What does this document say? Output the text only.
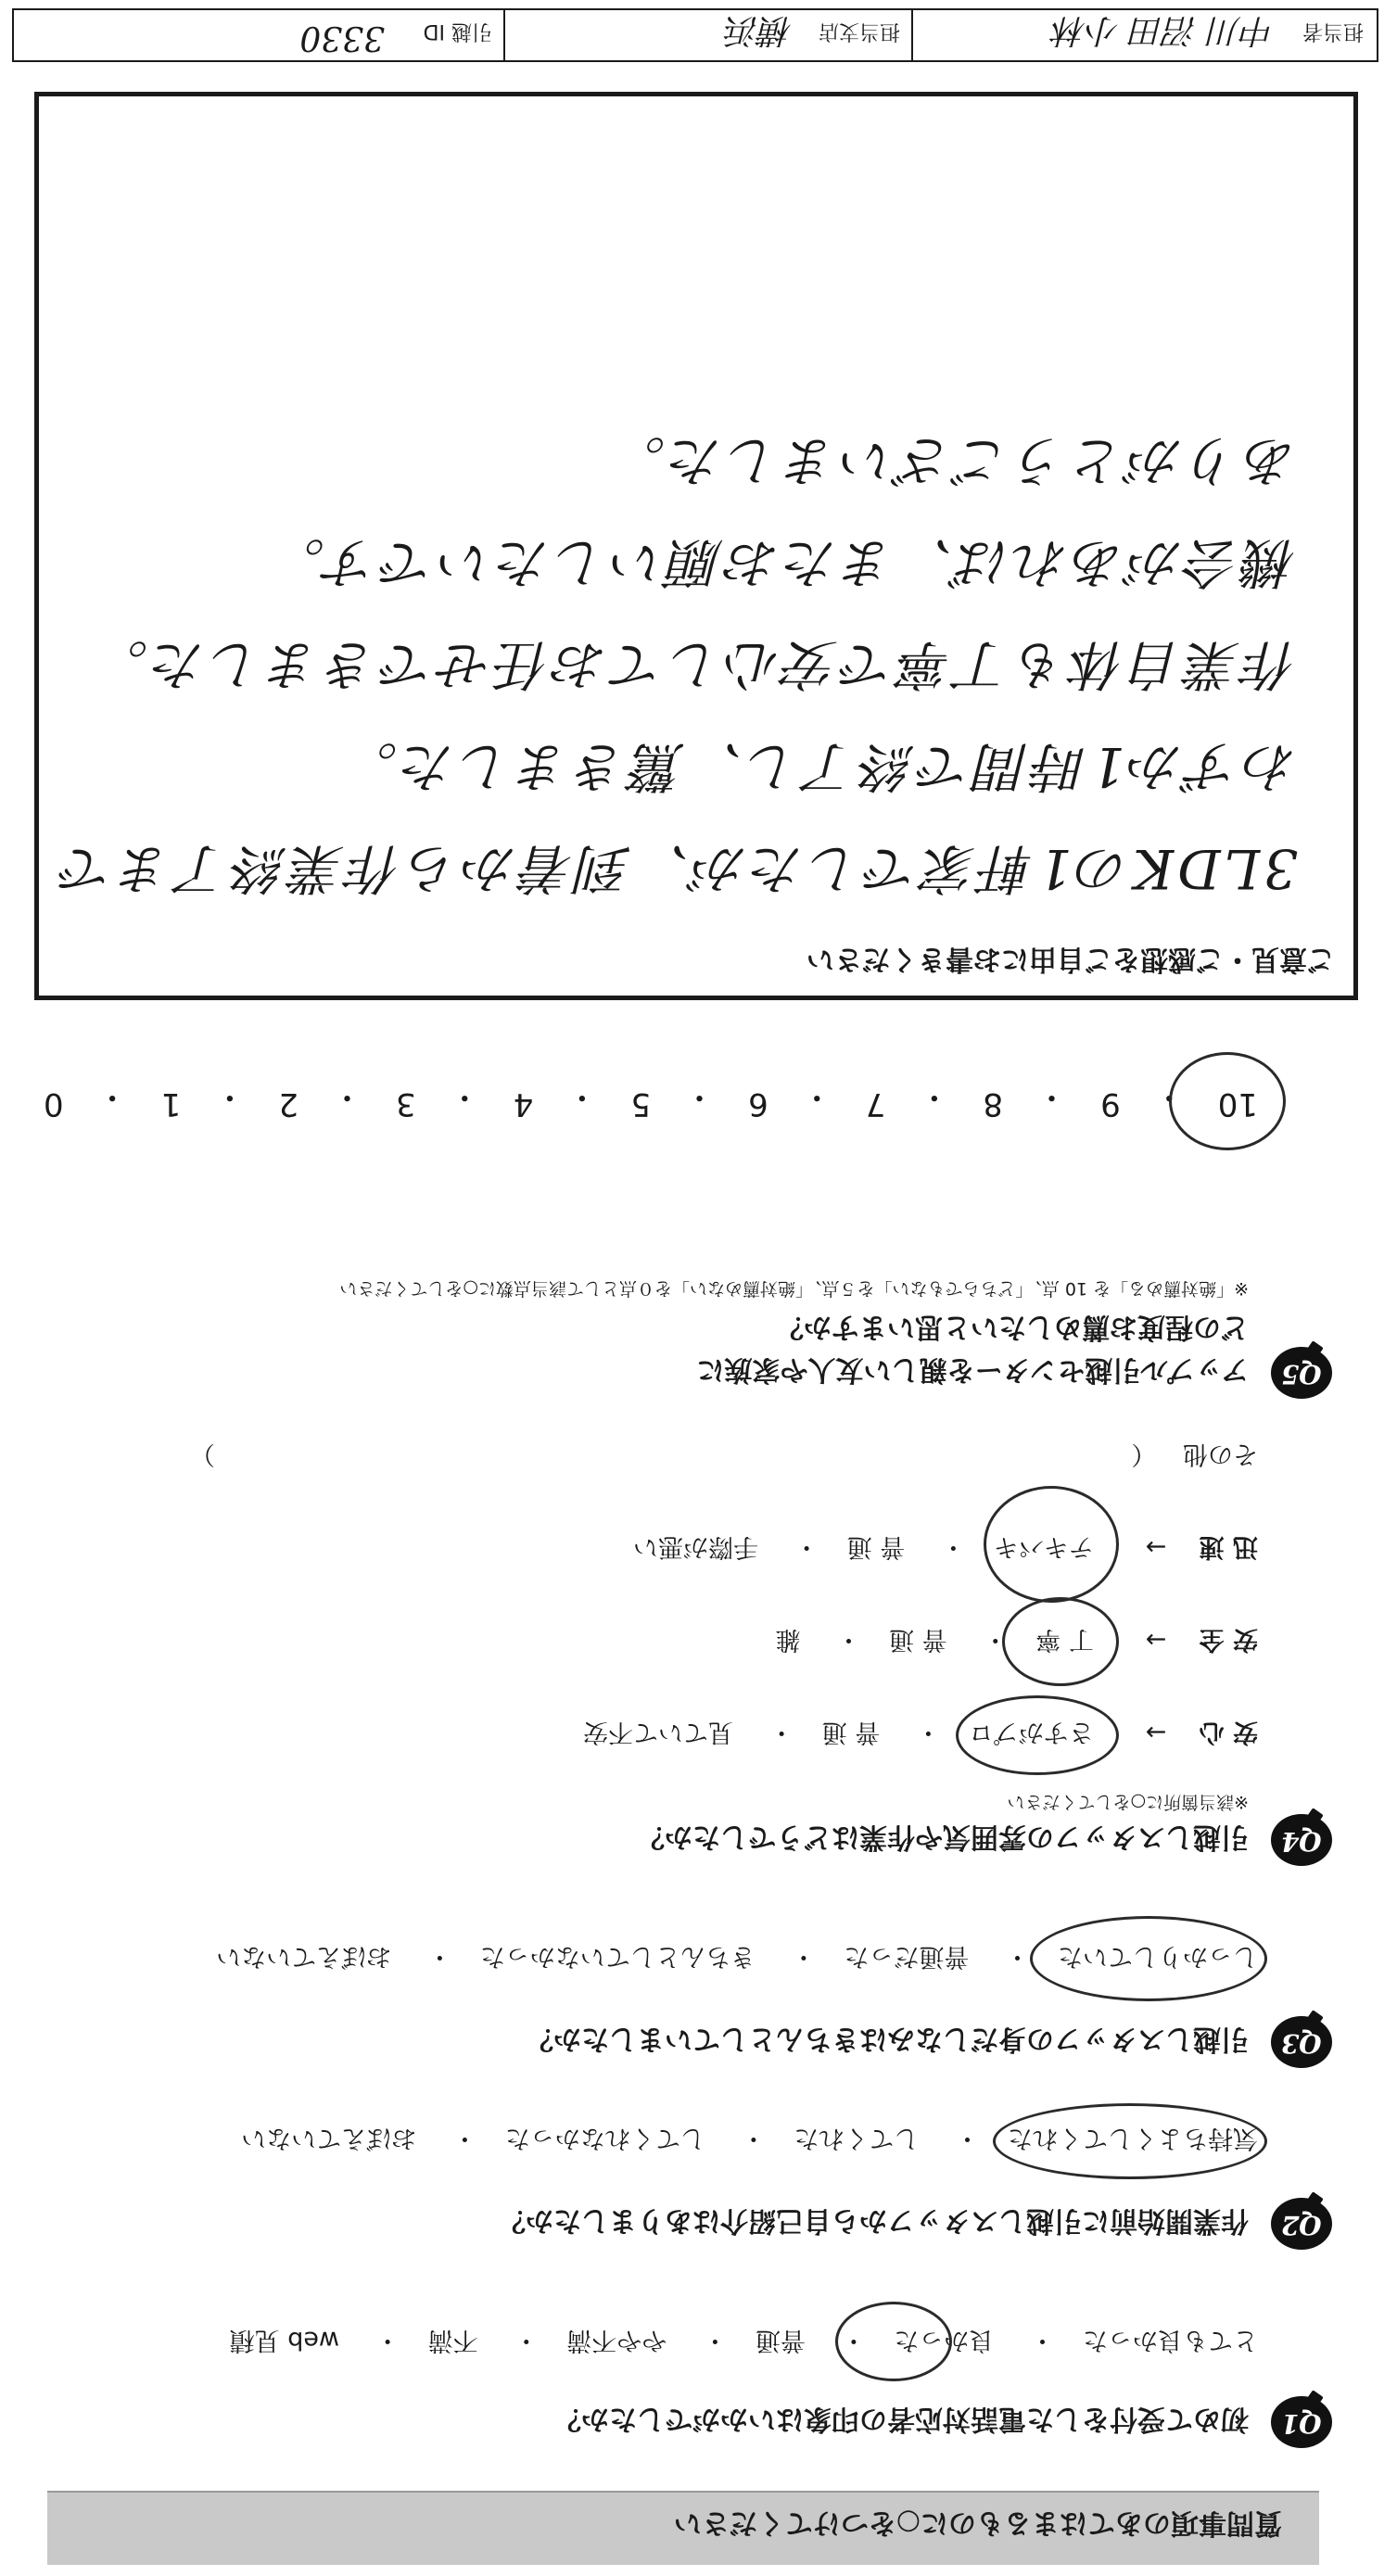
質問事項のあてはまるものに○をつけてください
Q1
初めて受付をした電話対応者の印象はいかがでしたか？
とても良かった・ 良かった・ 普通・ やや不満・ 不満・ web 見積
Q2
作業開始前に引越しスタッフから自己紹介はありましたか？
気持ちよくしてくれた・ してくれた・ してくれなかった・ おぼえていない
Q3
引越しスタッフの身だしなみはきちんとしていましたか？
しっかりしていた・ 普通だった・ きちんとしていなかった・ おぼえていない
Q4
引越しスタッフの雰囲気や作業はどうでしたか？
※該当箇所に○をしてください
安 心 → さすがプロ・ 普 通・ 見ていて不安
安 全 → 丁 寧・ 普 通・ 雑
迅 速 → テキパキ・ 普 通・ 手際が悪い
その他 （ ）
Q5
アップル引越センターを親しい友人や家族に
どの程度お薦めしたいと思いますか？
※「絶対薦める」を 10 点、「どちらでもない」を５点、「絶対薦めない」を０点として該当点数に○をしてください
10
・
9
・
8
・
7
・
6
・
5
・
4
・
3
・
2
・
1
・
0
ご意見・ご感想をご自由にお書きください
3LDKの1軒家でしたが、到着から作業終了まで
わずか1時間で終了し、驚きました。
作業自体も丁寧で安心してお任せできました。
機会があれば、またお願いしたいです。
ありがとうございました。
担当者
中川 沼田 小林
担当支店
横浜
引越 ID
3330
